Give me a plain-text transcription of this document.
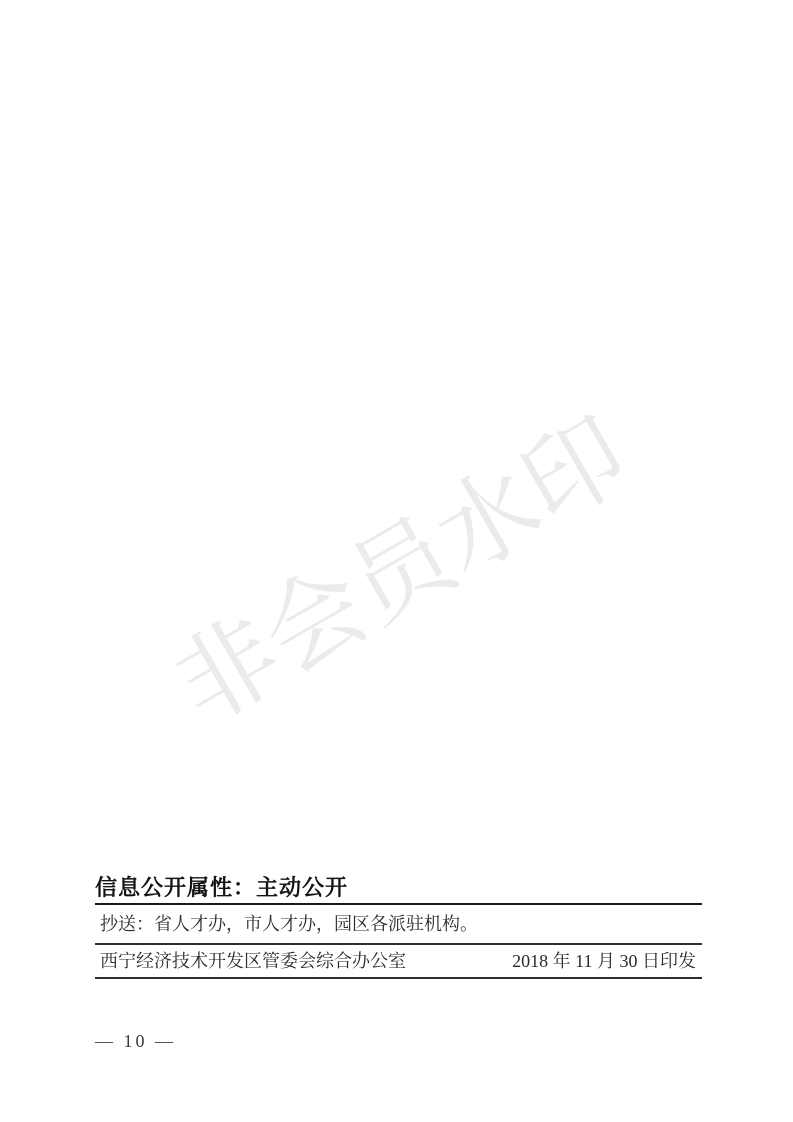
非会员水印
信息公开属性：主动公开
抄送：省人才办，市人才办，园区各派驻机构。
西宁经济技术开发区管委会综合办公室	2018 年 11 月 30 日印发
— 10 —
